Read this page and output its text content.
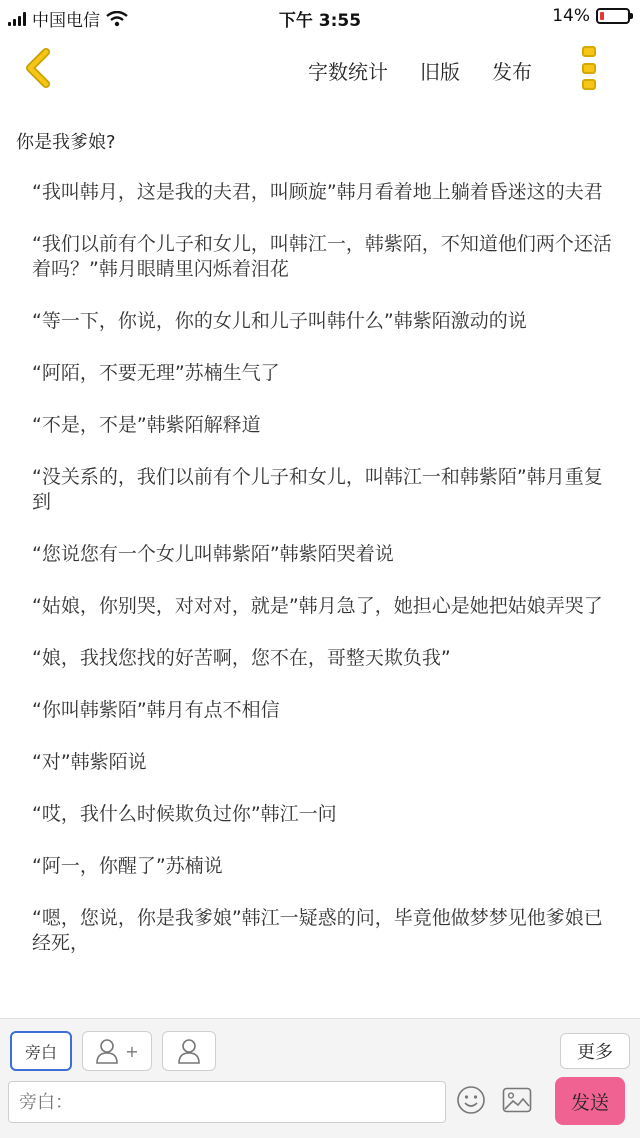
中国电信	下午 3:55	14%
字数统计 旧版 发布
你是我爹娘?

“我叫韩月，这是我的夫君，叫顾旋”韩月看着地上躺着昏迷这的夫君

“我们以前有个儿子和女儿，叫韩江一，韩紫陌，不知道他们两个还活着吗？”韩月眼睛里闪烁着泪花

“等一下，你说，你的女儿和儿子叫韩什么”韩紫陌激动的说

“阿陌，不要无理”苏楠生气了

“不是，不是”韩紫陌解释道

“没关系的，我们以前有个儿子和女儿，叫韩江一和韩紫陌”韩月重复到

“您说您有一个女儿叫韩紫陌”韩紫陌哭着说

“姑娘，你别哭，对对对，就是”韩月急了，她担心是她把姑娘弄哭了

“娘，我找您找的好苦啊，您不在，哥整天欺负我”

“你叫韩紫陌”韩月有点不相信

“对”韩紫陌说

“哎，我什么时候欺负过你”韩江一问

“阿一，你醒了”苏楠说

“嗯，您说，你是我爹娘”韩江一疑惑的问，毕竟他做梦梦见他爹娘已经死，

旁白	+	更多
旁白：
发送
